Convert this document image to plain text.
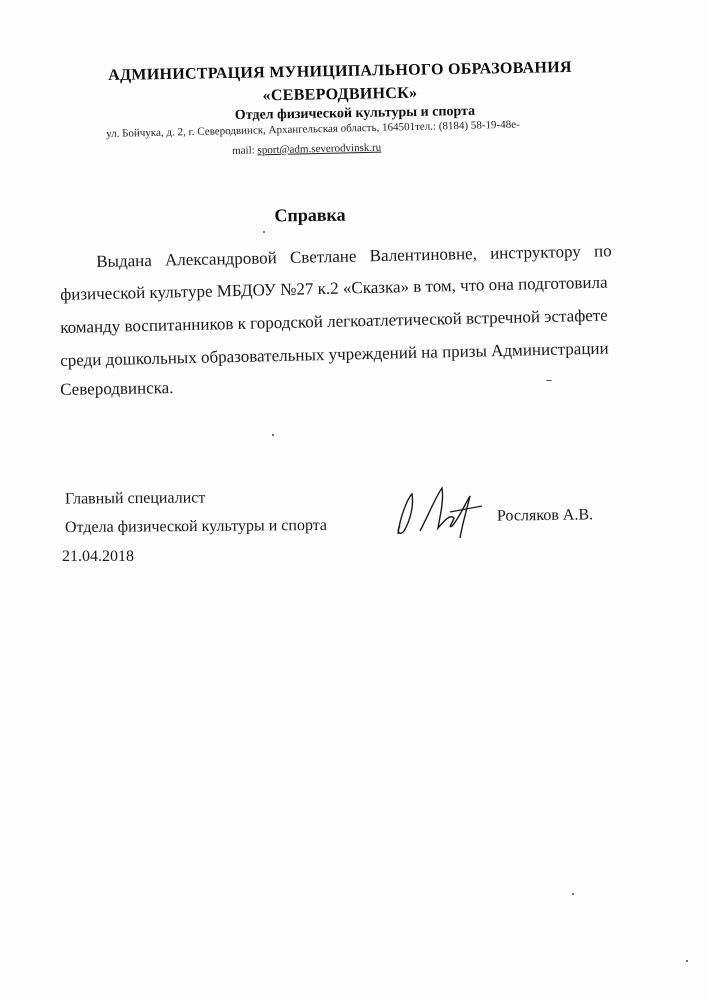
АДМИНИСТРАЦИЯ МУНИЦИПАЛЬНОГО ОБРАЗОВАНИЯ
«СЕВЕРОДВИНСК»
Отдел физической культуры и спорта
ул. Бойчука, д. 2, г. Северодвинск, Архангельская область, 164501тел.: (8184) 58-19-48е-
mail: sport@adm.severodvinsk.ru
Справка
Выдана Александровой Светлане Валентиновне, инструктору по
физической культуре МБДОУ №27 к.2 «Сказка» в том, что она подготовила
команду воспитанников к городской легкоатлетической встречной эстафете
среди дошкольных образовательных учреждений на призы Администрации
Северодвинска.
Главный специалист
Отдела физической культуры и спорта
21.04.2018
Росляков А.В.
